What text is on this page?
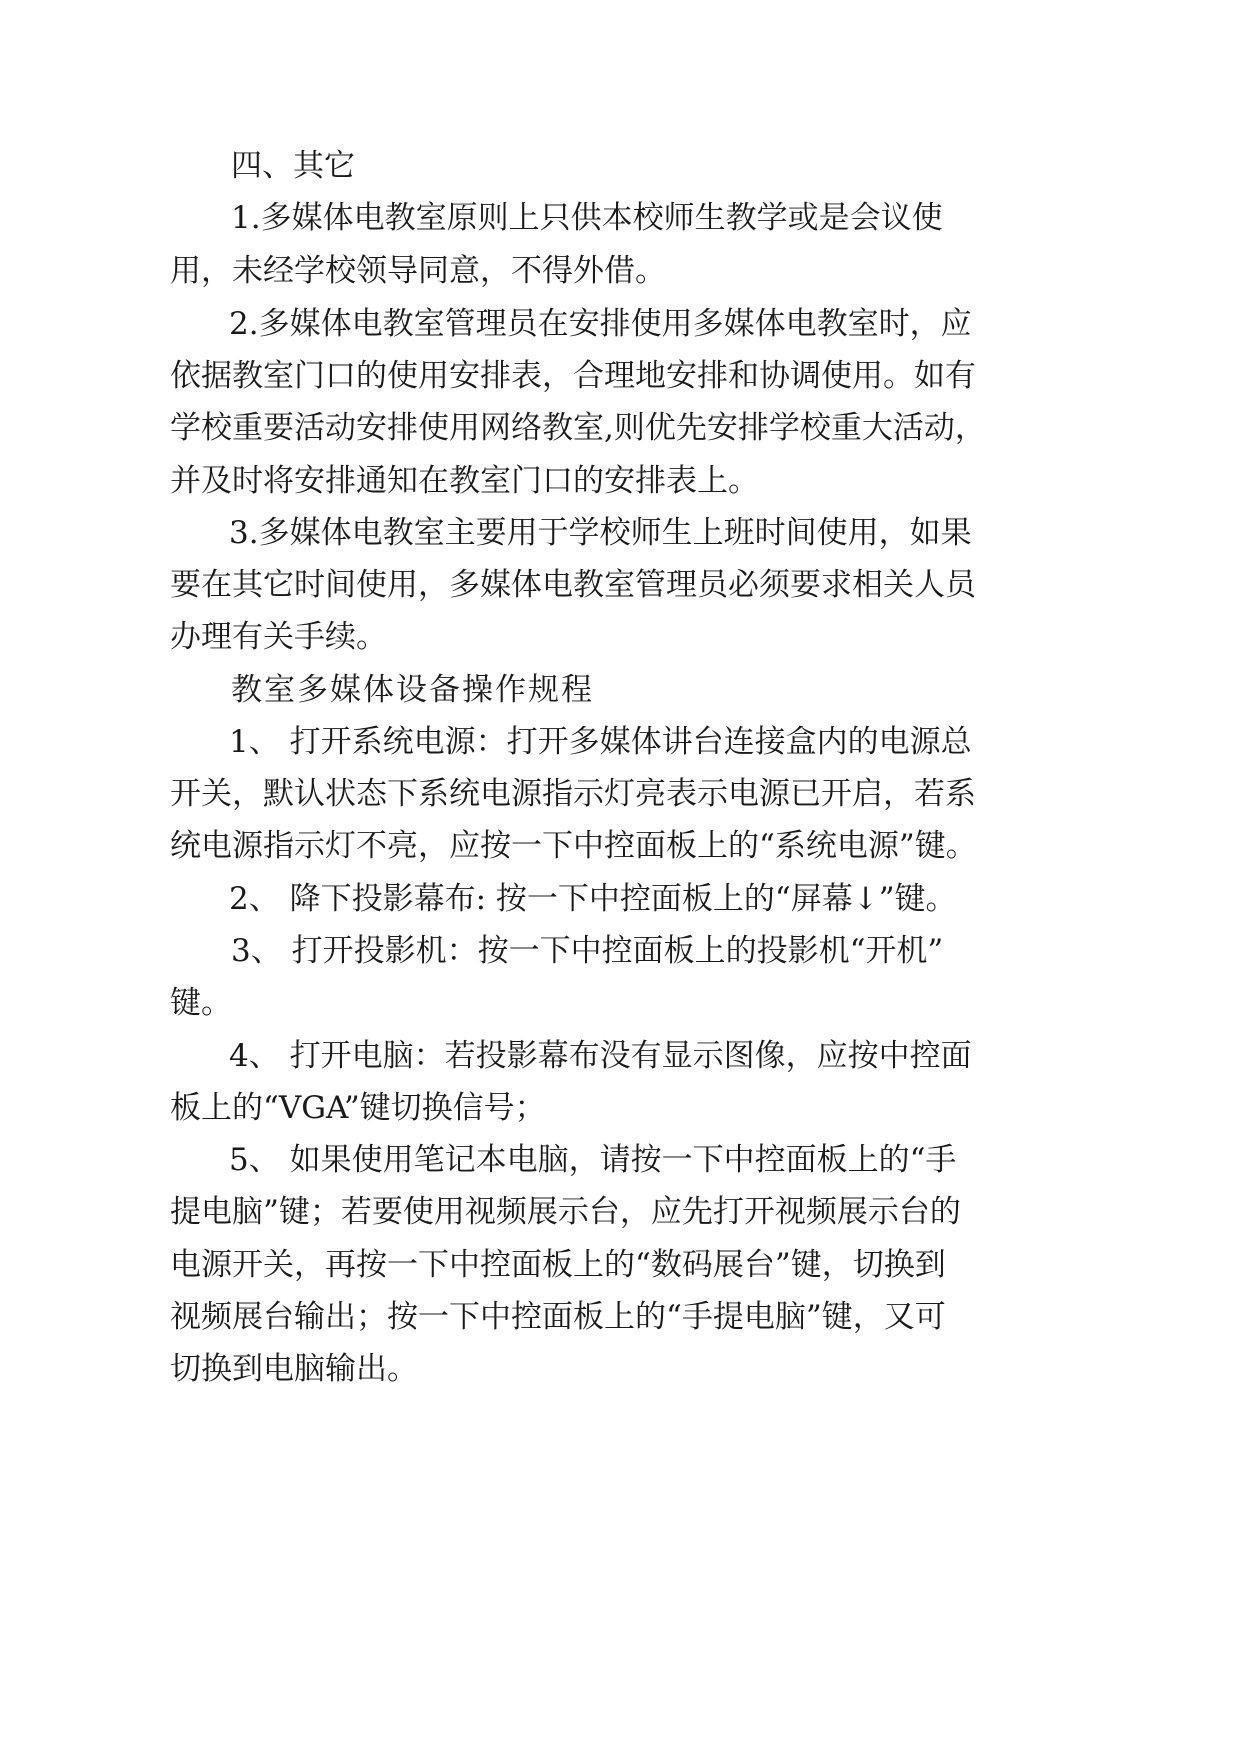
四、其它

1.多媒体电教室原则上只供本校师生教学或是会议使

用，未经学校领导同意，不得外借。

2.多媒体电教室管理员在安排使用多媒体电教室时，应

依据教室门口的使用安排表，合理地安排和协调使用。如有

学校重要活动安排使用网络教室,则优先安排学校重大活动，

并及时将安排通知在教室门口的安排表上。

3.多媒体电教室主要用于学校师生上班时间使用，如果

要在其它时间使用，多媒体电教室管理员必须要求相关人员

办理有关手续。

教室多媒体设备操作规程

1、 打开系统电源：打开多媒体讲台连接盒内的电源总

开关，默认状态下系统电源指示灯亮表示电源已开启，若系

统电源指示灯不亮，应按一下中控面板上的“系统电源”键。

2、 降下投影幕布: 按一下中控面板上的“屏幕↓”键。

3、 打开投影机：按一下中控面板上的投影机“开机”

键。

4、 打开电脑：若投影幕布没有显示图像，应按中控面

板上的“VGA”键切换信号；

5、 如果使用笔记本电脑，请按一下中控面板上的“手

提电脑”键；若要使用视频展示台，应先打开视频展示台的

电源开关，再按一下中控面板上的“数码展台”键，切换到

视频展台输出；按一下中控面板上的“手提电脑”键，又可

切换到电脑输出。
